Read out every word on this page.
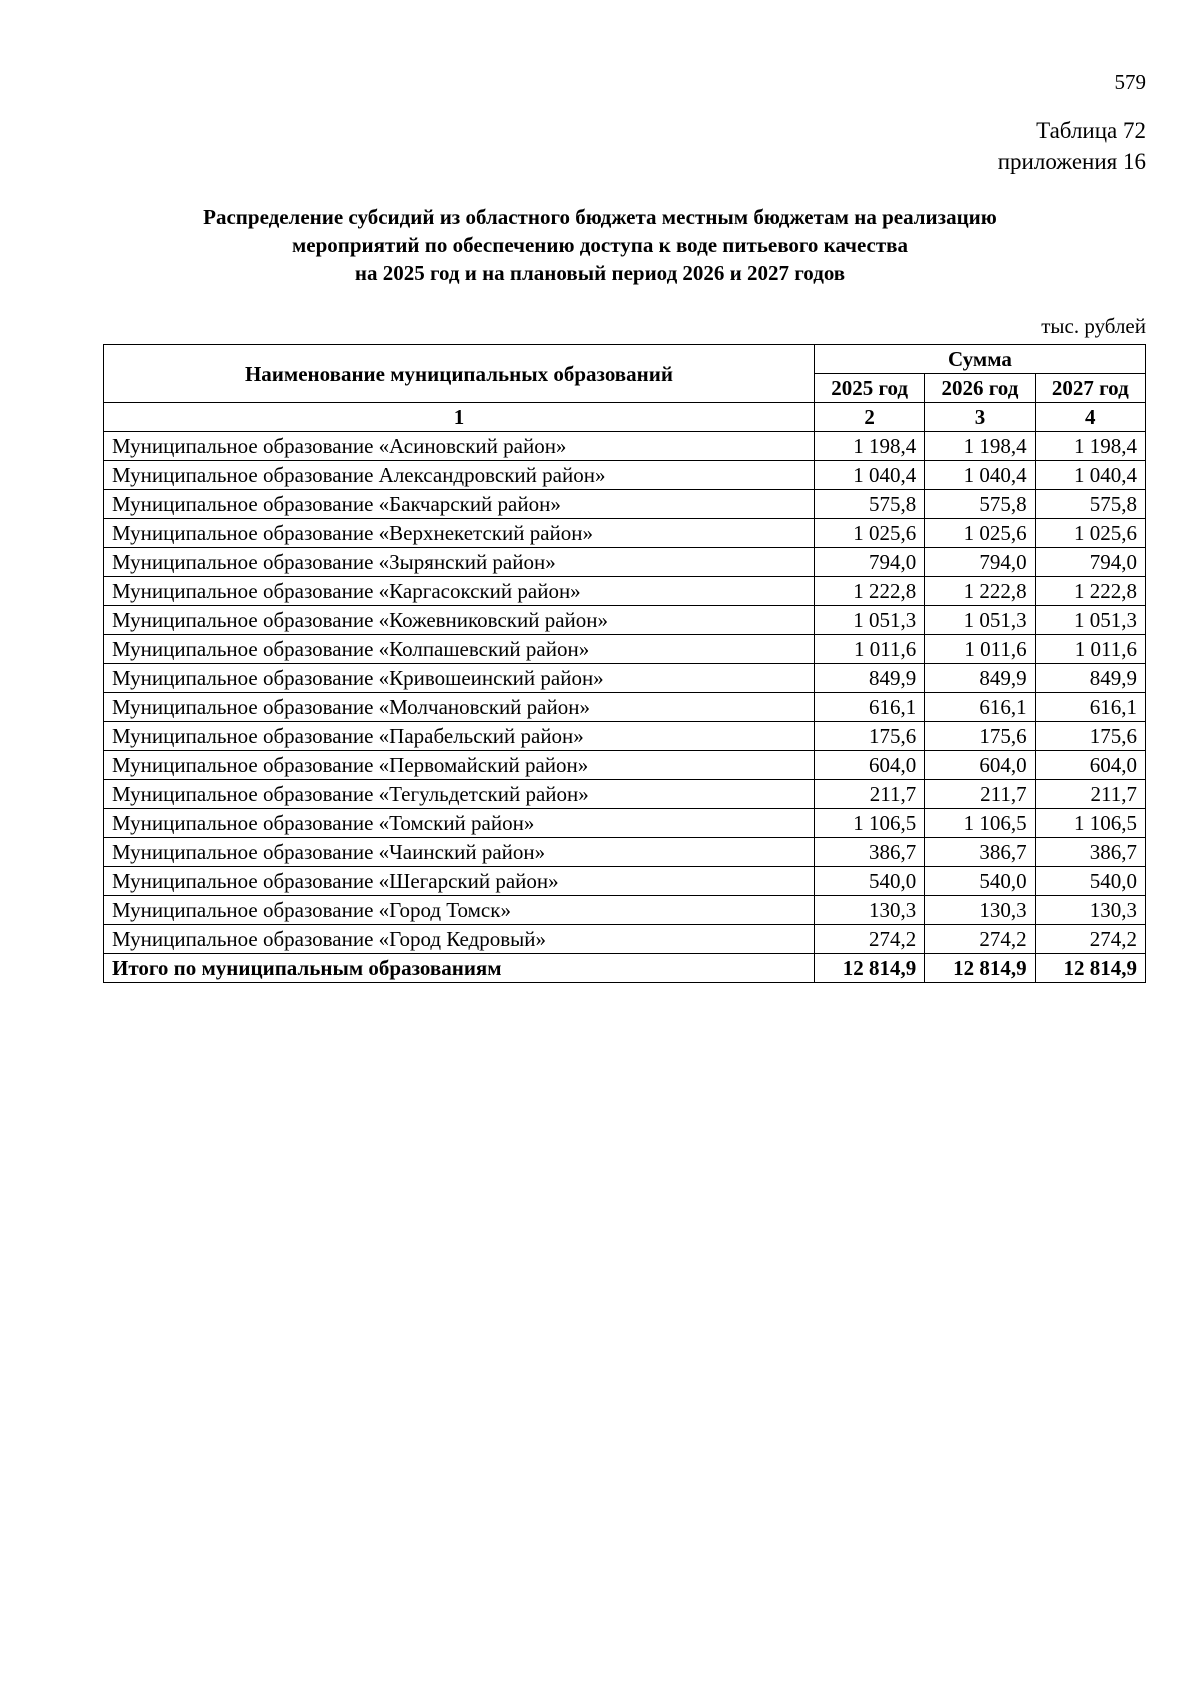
579
Таблица 72
приложения 16
Распределение субсидий из областного бюджета местным бюджетам на реализацию
мероприятий по обеспечению доступа к воде питьевого качества
на 2025 год и на плановый период 2026 и 2027 годов
тыс. рублей
Наименование муниципальных образований	Сумма		
	2025 год	2026 год	2027 год
1	2	3	4
Муниципальное образование «Асиновский район»	1 198,4	1 198,4	1 198,4
Муниципальное образование Александровский район»	1 040,4	1 040,4	1 040,4
Муниципальное образование «Бакчарский район»	575,8	575,8	575,8
Муниципальное образование «Верхнекетский район»	1 025,6	1 025,6	1 025,6
Муниципальное образование «Зырянский район»	794,0	794,0	794,0
Муниципальное образование «Каргасокский район»	1 222,8	1 222,8	1 222,8
Муниципальное образование «Кожевниковский район»	1 051,3	1 051,3	1 051,3
Муниципальное образование «Колпашевский район»	1 011,6	1 011,6	1 011,6
Муниципальное образование «Кривошеинский район»	849,9	849,9	849,9
Муниципальное образование «Молчановский район»	616,1	616,1	616,1
Муниципальное образование «Парабельский район»	175,6	175,6	175,6
Муниципальное образование «Первомайский район»	604,0	604,0	604,0
Муниципальное образование «Тегульдетский район»	211,7	211,7	211,7
Муниципальное образование «Томский район»	1 106,5	1 106,5	1 106,5
Муниципальное образование «Чаинский район»	386,7	386,7	386,7
Муниципальное образование «Шегарский район»	540,0	540,0	540,0
Муниципальное образование «Город Томск»	130,3	130,3	130,3
Муниципальное образование «Город Кедровый»	274,2	274,2	274,2
Итого по муниципальным образованиям	12 814,9	12 814,9	12 814,9
